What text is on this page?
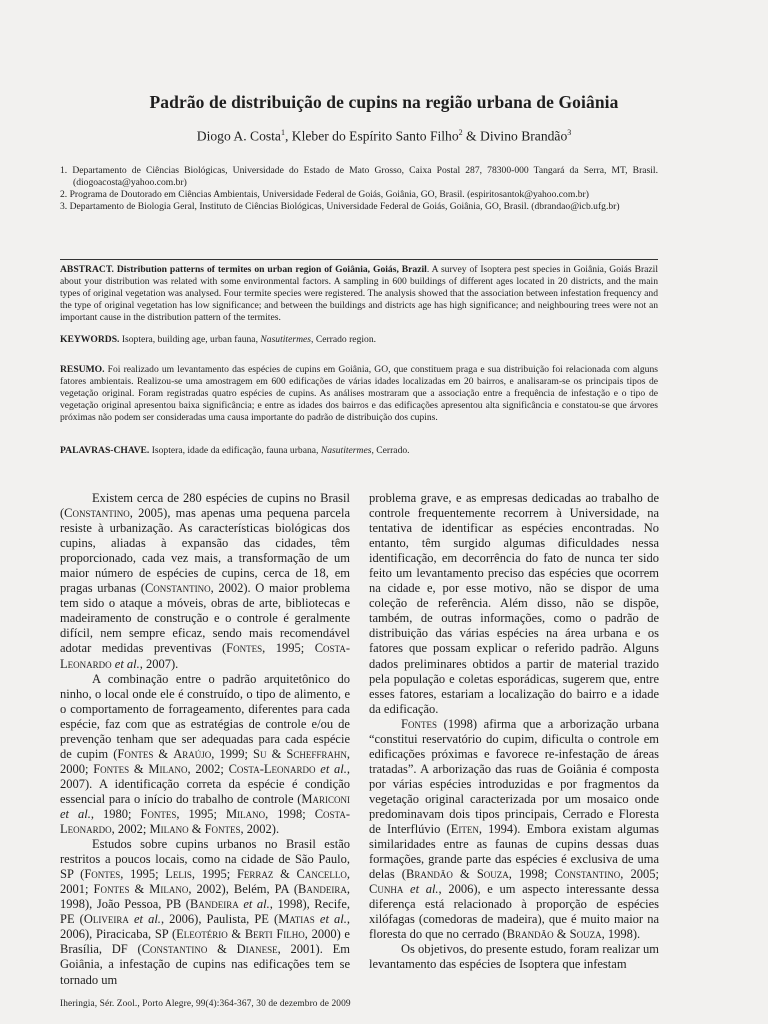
Padrão de distribuição de cupins na região urbana de Goiânia
Diogo A. Costa$^1$, Kleber do Espírito Santo Filho$^2$ & Divino Brandão$^3$
1. Departamento de Ciências Biológicas, Universidade do Estado de Mato Grosso, Caixa Postal 287, 78300-000 Tangará da Serra, MT, Brasil. (diogoacosta@yahoo.com.br)
2. Programa de Doutorado em Ciências Ambientais, Universidade Federal de Goiás, Goiânia, GO, Brasil. (espiritosantok@yahoo.com.br)
3. Departamento de Biologia Geral, Instituto de Ciências Biológicas, Universidade Federal de Goiás, Goiânia, GO, Brasil. (dbrandao@icb.ufg.br)
ABSTRACT. Distribution patterns of termites on urban region of Goiânia, Goiás, Brazil. A survey of Isoptera pest species in Goiânia, Goiás Brazil about your distribution was related with some environmental factors. A sampling in 600 buildings of different ages located in 20 districts, and the main types of original vegetation was analysed. Four termite species were registered. The analysis showed that the association between infestation frequency and the type of original vegetation has low significance; and between the buildings and districts age has high significance; and neighbouring trees were not an important cause in the distribution pattern of the termites.
KEYWORDS. Isoptera, building age, urban fauna, Nasutitermes, Cerrado region.
RESUMO. Foi realizado um levantamento das espécies de cupins em Goiânia, GO, que constituem praga e sua distribuição foi relacionada com alguns fatores ambientais. Realizou-se uma amostragem em 600 edificações de várias idades localizadas em 20 bairros, e analisaram-se os principais tipos de vegetação original. Foram registradas quatro espécies de cupins. As análises mostraram que a associação entre a frequência de infestação e o tipo de vegetação original apresentou baixa significância; e entre as idades dos bairros e das edificações apresentou alta significância e constatou-se que árvores próximas não podem ser consideradas uma causa importante do padrão de distribuição dos cupins.
PALAVRAS-CHAVE. Isoptera, idade da edificação, fauna urbana, Nasutitermes, Cerrado.

Existem cerca de 280 espécies de cupins no Brasil (Constantino, 2005), mas apenas uma pequena parcela resiste à urbanização. As características biológicas dos cupins, aliadas à expansão das cidades, têm proporcionado, cada vez mais, a transformação de um maior número de espécies de cupins, cerca de 18, em pragas urbanas (Constantino, 2002). O maior problema tem sido o ataque a móveis, obras de arte, bibliotecas e madeiramento de construção e o controle é geralmente difícil, nem sempre eficaz, sendo mais recomendável adotar medidas preventivas (Fontes, 1995; Costa-Leonardo et al., 2007).

A combinação entre o padrão arquitetônico do ninho, o local onde ele é construído, o tipo de alimento, e o comportamento de forrageamento, diferentes para cada espécie, faz com que as estratégias de controle e/ou de prevenção tenham que ser adequadas para cada espécie de cupim (Fontes & Araújo, 1999; Su & Scheffrahn, 2000; Fontes & Milano, 2002; Costa-Leonardo et al., 2007). A identificação correta da espécie é condição essencial para o início do trabalho de controle (Mariconi et al., 1980; Fontes, 1995; Milano, 1998; Costa-Leonardo, 2002; Milano & Fontes, 2002).

Estudos sobre cupins urbanos no Brasil estão restritos a poucos locais, como na cidade de São Paulo, SP (Fontes, 1995; Lelis, 1995; Ferraz & Cancello, 2001; Fontes & Milano, 2002), Belém, PA (Bandeira, 1998), João Pessoa, PB (Bandeira et al., 1998), Recife, PE (Oliveira et al., 2006), Paulista, PE (Matias et al., 2006), Piracicaba, SP (Eleotério & Berti Filho, 2000) e Brasília, DF (Constantino & Dianese, 2001). Em Goiânia, a infestação de cupins nas edificações tem se tornado um

problema grave, e as empresas dedicadas ao trabalho de controle frequentemente recorrem à Universidade, na tentativa de identificar as espécies encontradas. No entanto, têm surgido algumas dificuldades nessa identificação, em decorrência do fato de nunca ter sido feito um levantamento preciso das espécies que ocorrem na cidade e, por esse motivo, não se dispor de uma coleção de referência. Além disso, não se dispõe, também, de outras informações, como o padrão de distribuição das várias espécies na área urbana e os fatores que possam explicar o referido padrão. Alguns dados preliminares obtidos a partir de material trazido pela população e coletas esporádicas, sugerem que, entre esses fatores, estariam a localização do bairro e a idade da edificação.

Fontes (1998) afirma que a arborização urbana “constitui reservatório do cupim, dificulta o controle em edificações próximas e favorece re-infestação de áreas tratadas”. A arborização das ruas de Goiânia é composta por várias espécies introduzidas e por fragmentos da vegetação original caracterizada por um mosaico onde predominavam dois tipos principais, Cerrado e Floresta de Interflúvio (Eiten, 1994). Embora existam algumas similaridades entre as faunas de cupins dessas duas formações, grande parte das espécies é exclusiva de uma delas (Brandão & Souza, 1998; Constantino, 2005; Cunha et al., 2006), e um aspecto interessante dessa diferença está relacionado à proporção de espécies xilófagas (comedoras de madeira), que é muito maior na floresta do que no cerrado (Brandão & Souza, 1998).

Os objetivos, do presente estudo, foram realizar um levantamento das espécies de Isoptera que infestam

Iheringia, Sér. Zool., Porto Alegre, 99(4):364-367, 30 de dezembro de 2009
